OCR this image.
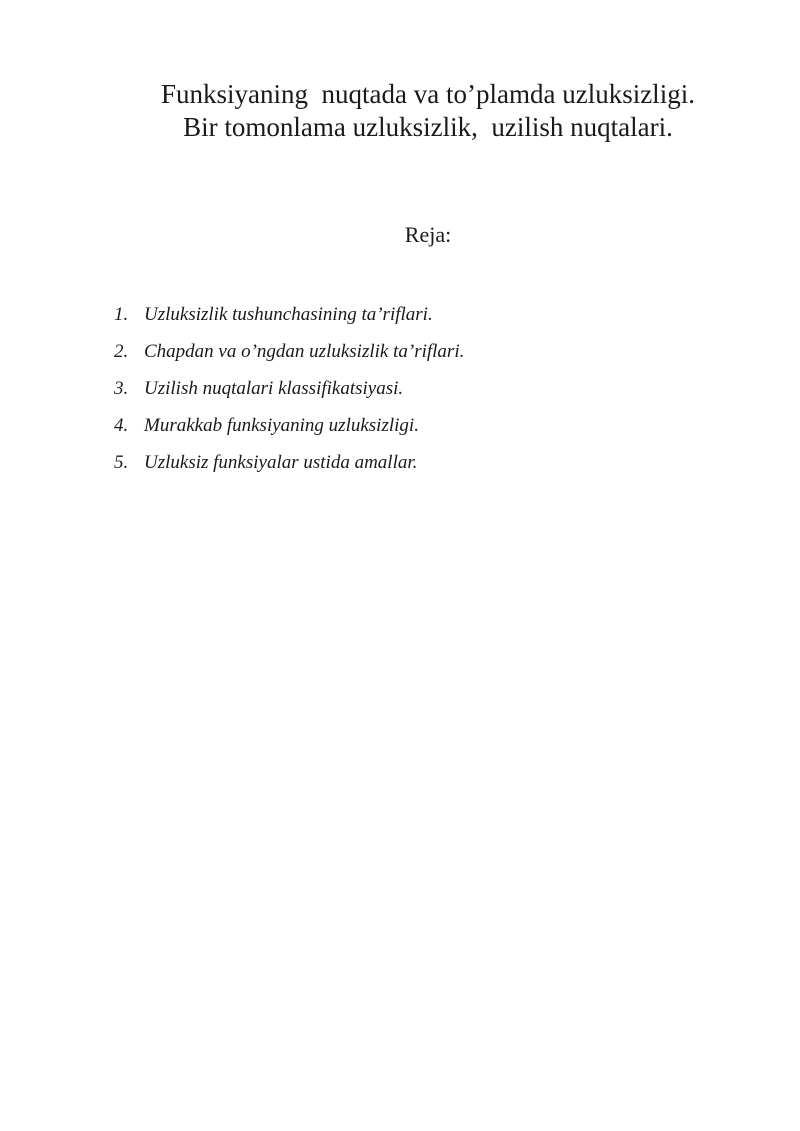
Funksiyaning  nuqtada va to’plamda uzluksizligi.
Bir tomonlama uzluksizlik,  uzilish nuqtalari.
Reja:
1. Uzluksizlik tushunchasining ta’riflari.
2. Chapdan va o’ngdan uzluksizlik ta’riflari.
3. Uzilish nuqtalari klassifikatsiyasi.
4. Murakkab funksiyaning uzluksizligi.
5. Uzluksiz funksiyalar ustida amallar.
